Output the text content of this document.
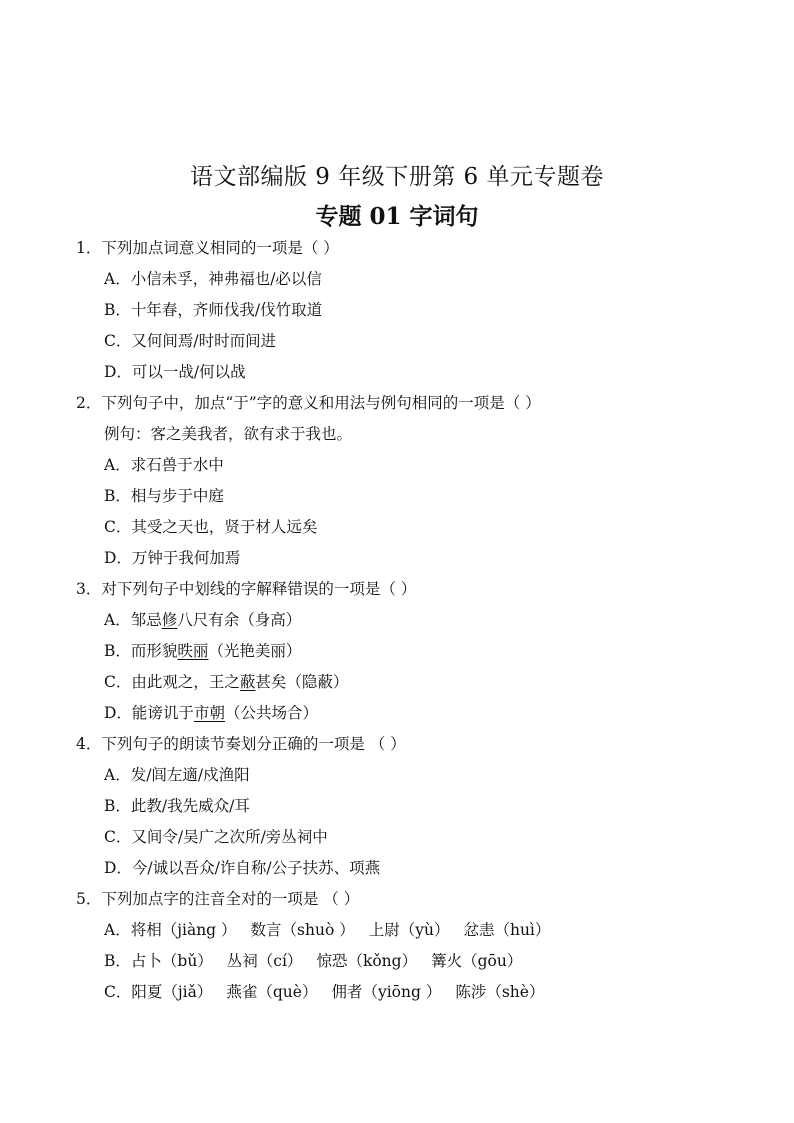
语文部编版 9 年级下册第 6 单元专题卷
专题 01 字词句
1．下列加点词意义相同的一项是（ ）
A．小信未孚，神弗福也/必以信
B．十年春，齐师伐我/伐竹取道
C．又何间焉/时时而间进
D．可以一战/何以战
2．下列句子中，加点“于”字的意义和用法与例句相同的一项是（ ）
例句：客之美我者，欲有求于我也。
A．求石兽于水中
B．相与步于中庭
C．其受之天也，贤于材人远矣
D．万钟于我何加焉
3．对下列句子中划线的字解释错误的一项是（ ）
A．邹忌修八尺有余（身高）
B．而形貌昳丽（光艳美丽）
C．由此观之，王之蔽甚矣（隐蔽）
D．能谤讥于市朝（公共场合）
4．下列句子的朗读节奏划分正确的一项是 （ ）
A．发/闾左適/戍渔阳
B．此教/我先威众/耳
C．又间令/吴广之次所/旁丛祠中
D．今/诚以吾众/诈自称/公子扶苏、项燕
5．下列加点字的注音全对的一项是 （ ）
A．将相（jiàng ） 数言（shuò ） 上尉（yù） 忿恚（huì）
B．占卜（bǔ） 丛祠（cí） 惊恐（kǒng） 篝火（gōu）
C．阳夏（jiǎ） 燕雀（què） 佣者（yiōng ） 陈涉（shè）
